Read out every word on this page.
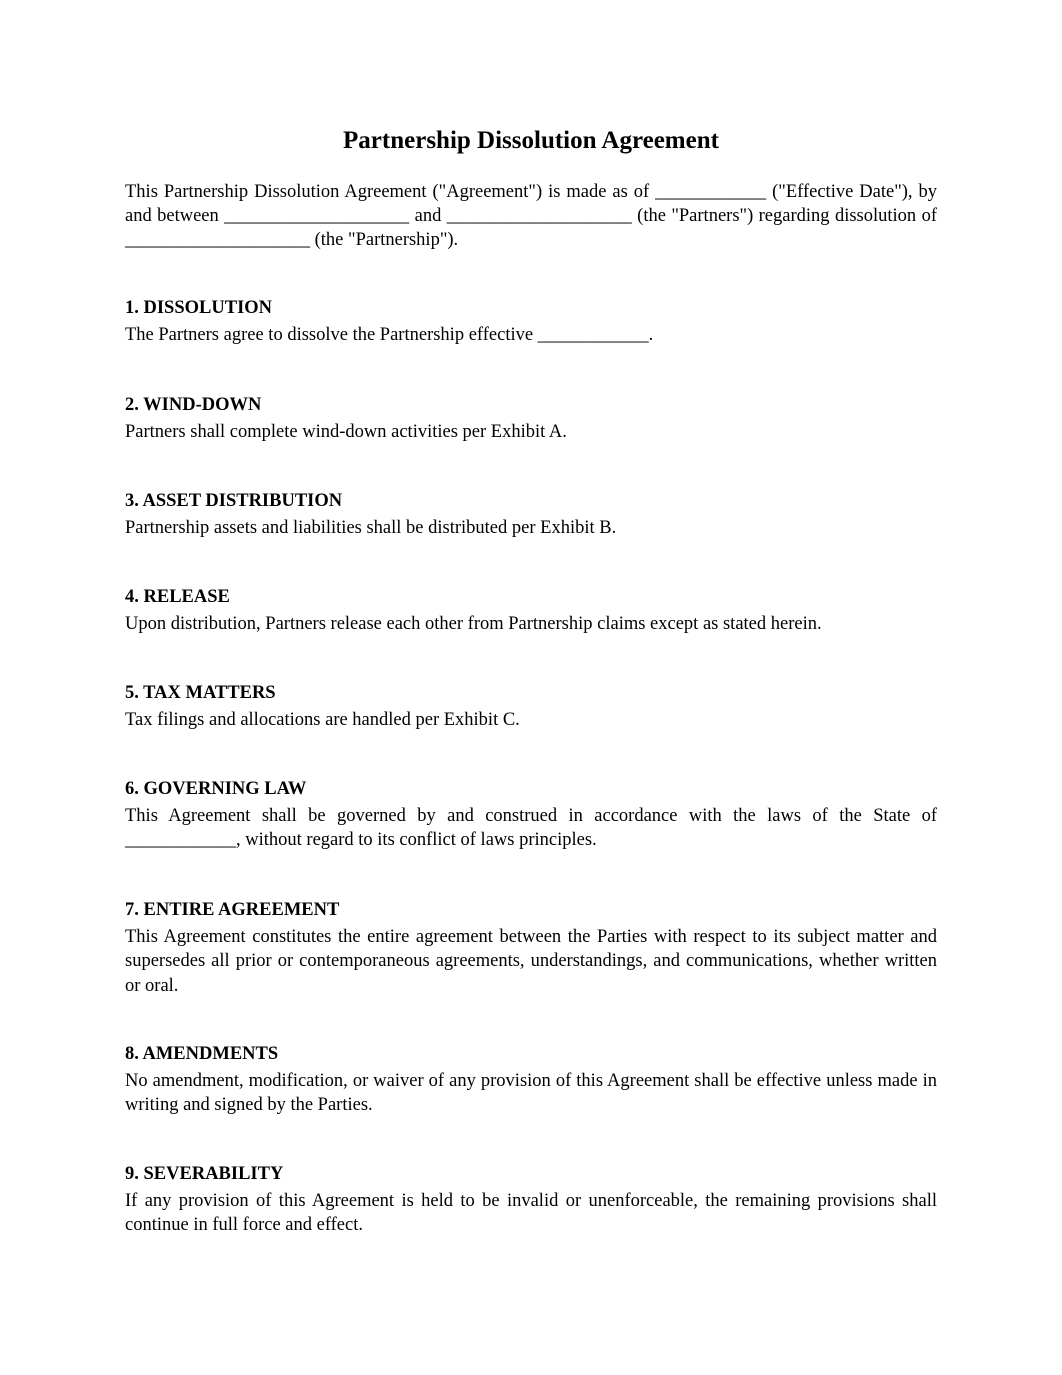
Partnership Dissolution Agreement

This Partnership Dissolution Agreement ("Agreement") is made as of ____________ ("Effective Date"), by and between ____________________ and ____________________ (the "Partners") regarding dissolution of ____________________ (the "Partnership").

1. DISSOLUTION

The Partners agree to dissolve the Partnership effective ____________.

2. WIND-DOWN

Partners shall complete wind-down activities per Exhibit A.

3. ASSET DISTRIBUTION

Partnership assets and liabilities shall be distributed per Exhibit B.

4. RELEASE

Upon distribution, Partners release each other from Partnership claims except as stated herein.

5. TAX MATTERS

Tax filings and allocations are handled per Exhibit C.

6. GOVERNING LAW

This Agreement shall be governed by and construed in accordance with the laws of the State of ____________, without regard to its conflict of laws principles.

7. ENTIRE AGREEMENT

This Agreement constitutes the entire agreement between the Parties with respect to its subject matter and supersedes all prior or contemporaneous agreements, understandings, and communications, whether written or oral.

8. AMENDMENTS

No amendment, modification, or waiver of any provision of this Agreement shall be effective unless made in writing and signed by the Parties.

9. SEVERABILITY

If any provision of this Agreement is held to be invalid or unenforceable, the remaining provisions shall continue in full force and effect.
